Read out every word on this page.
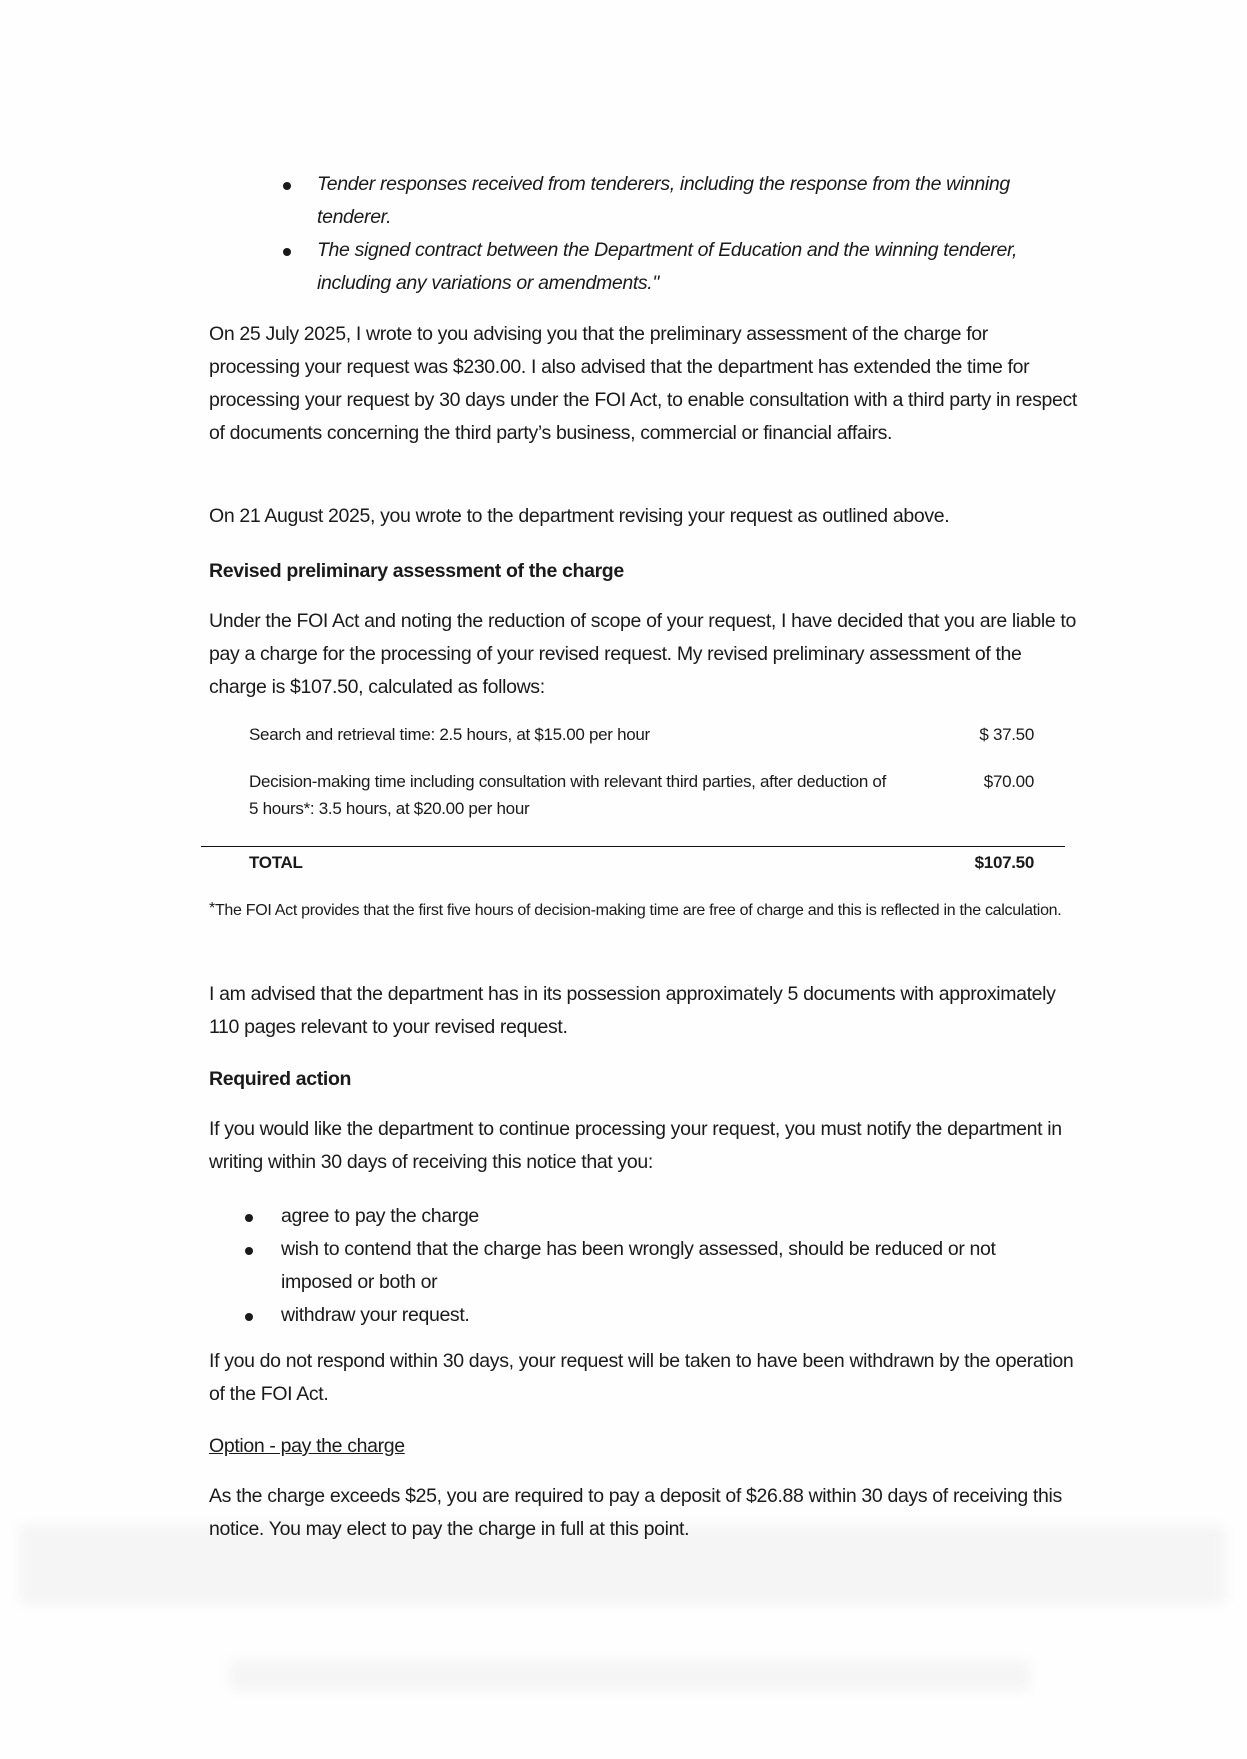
Tender responses received from tenderers, including the response from the winning tenderer.
The signed contract between the Department of Education and the winning tenderer, including any variations or amendments."

On 25 July 2025, I wrote to you advising you that the preliminary assessment of the charge for processing your request was $230.00. I also advised that the department has extended the time for processing your request by 30 days under the FOI Act, to enable consultation with a third party in respect of documents concerning the third party’s business, commercial or financial affairs.

On 21 August 2025, you wrote to the department revising your request as outlined above.

Revised preliminary assessment of the charge

Under the FOI Act and noting the reduction of scope of your request, I have decided that you are liable to pay a charge for the processing of your revised request. My revised preliminary assessment of the charge is $107.50, calculated as follows:

Search and retrieval time: 2.5 hours, at $15.00 per hour	$ 37.50
Decision-making time including consultation with relevant third parties, after deduction of 5 hours*: 3.5 hours, at $20.00 per hour
$70.00
TOTAL	$107.50

*The FOI Act provides that the first five hours of decision-making time are free of charge and this is reflected in the calculation.

I am advised that the department has in its possession approximately 5 documents with approximately 110 pages relevant to your revised request.

Required action

If you would like the department to continue processing your request, you must notify the department in writing within 30 days of receiving this notice that you:

agree to pay the charge
wish to contend that the charge has been wrongly assessed, should be reduced or not imposed or both or
withdraw your request.

If you do not respond within 30 days, your request will be taken to have been withdrawn by the operation of the FOI Act.

Option - pay the charge

As the charge exceeds $25, you are required to pay a deposit of $26.88 within 30 days of receiving this notice. You may elect to pay the charge in full at this point.
